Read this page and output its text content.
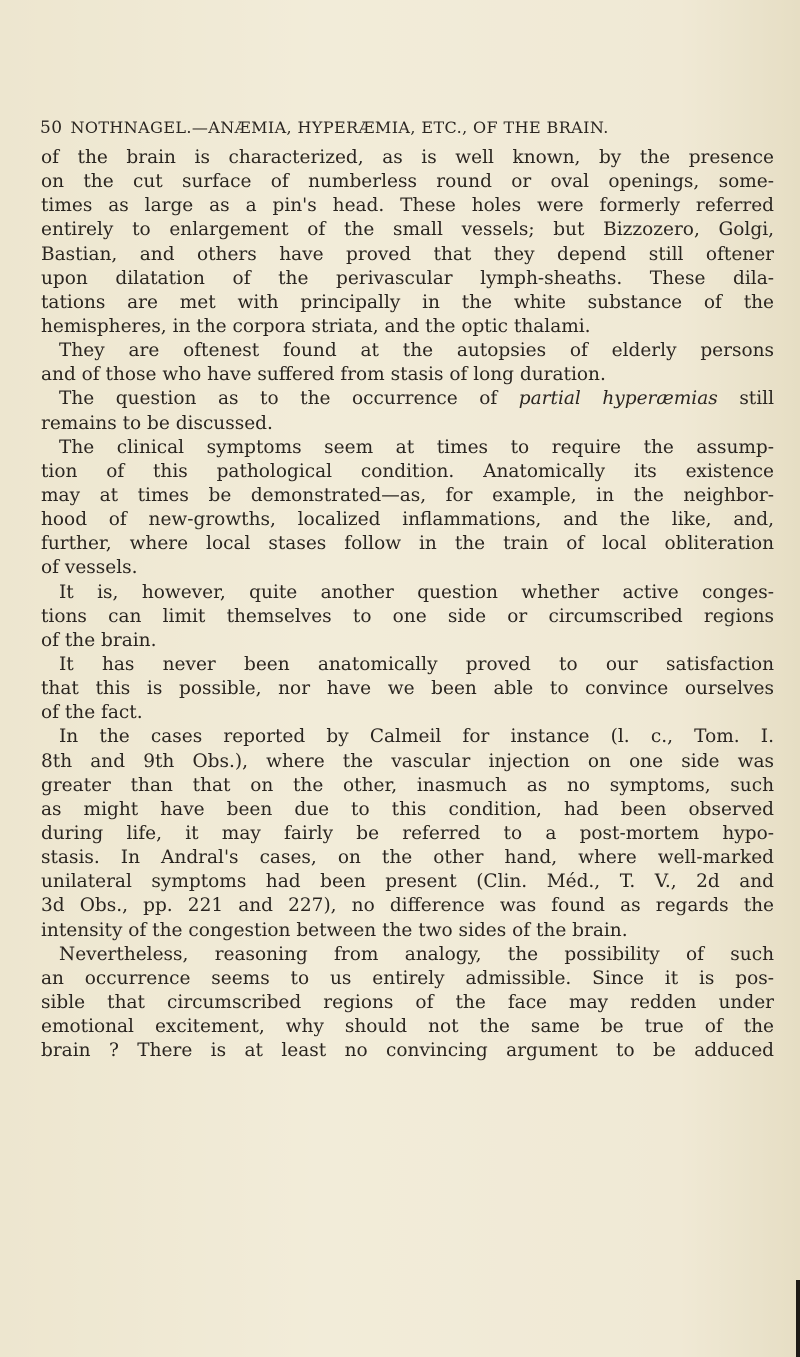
50 NOTHNAGEL.—ANÆMIA, HYPERÆMIA, ETC., OF THE BRAIN.
of the brain is characterized, as is well known, by the presence
on the cut surface of numberless round or oval openings, some-
times as large as a pin's head. These holes were formerly referred
entirely to enlargement of the small vessels; but Bizzozero, Golgi,
Bastian, and others have proved that they depend still oftener
upon dilatation of the perivascular lymph-sheaths. These dila-
tations are met with principally in the white substance of the
hemispheres, in the corpora striata, and the optic thalami.
They are oftenest found at the autopsies of elderly persons
and of those who have suffered from stasis of long duration.
The question as to the occurrence of partial hyperæmias still
remains to be discussed.
The clinical symptoms seem at times to require the assump-
tion of this pathological condition. Anatomically its existence
may at times be demonstrated—as, for example, in the neighbor-
hood of new-growths, localized inflammations, and the like, and,
further, where local stases follow in the train of local obliteration
of vessels.
It is, however, quite another question whether active conges-
tions can limit themselves to one side or circumscribed regions
of the brain.
It has never been anatomically proved to our satisfaction
that this is possible, nor have we been able to convince ourselves
of the fact.
In the cases reported by Calmeil for instance (l. c., Tom. I.
8th and 9th Obs.), where the vascular injection on one side was
greater than that on the other, inasmuch as no symptoms, such
as might have been due to this condition, had been observed
during life, it may fairly be referred to a post-mortem hypo-
stasis. In Andral's cases, on the other hand, where well-marked
unilateral symptoms had been present (Clin. Méd., T. V., 2d and
3d Obs., pp. 221 and 227), no difference was found as regards the
intensity of the congestion between the two sides of the brain.
Nevertheless, reasoning from analogy, the possibility of such
an occurrence seems to us entirely admissible. Since it is pos-
sible that circumscribed regions of the face may redden under
emotional excitement, why should not the same be true of the
brain ? There is at least no convincing argument to be adduced
